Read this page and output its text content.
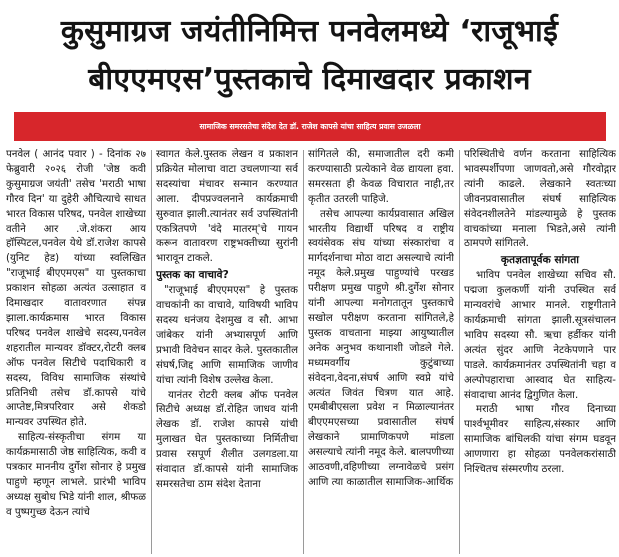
कुसुमाग्रज जयंतीनिमित्त पनवेलमध्ये ‘राजूभाई
बीएएमएस’पुस्तकाचे दिमाखदार प्रकाशन
सामाजिक समरसतेचा संदेश देत डॉ. राजेश कापसे यांचा साहित्य प्रवास उजळला

पनवेल ( आनंद पवार ) - दिनांक २७ फेब्रुवारी २०२६ रोजी 'जेष्ठ कवी कुसुमाग्रज जयंती' तसेच 'मराठी भाषा गौरव दिन' या दुहेरी औचित्याचे साधत भारत विकास परिषद, पनवेल शाखेच्या वतीने आर .जे.शंकरा आय हॉस्पिटल,पनवेल येथे डॉ.राजेश कापसे (युनिट हेड) यांच्या स्वलिखित "राजूभाई बीएएमएस" या पुस्तकाचा प्रकाशन सोहळा अत्यंत उत्साहात व दिमाखदार वातावरणात संपन्न झाला.कार्यक्रमास भारत विकास परिषद पनवेल शाखेचे सदस्य,पनवेल शहरातील मान्यवर डॉक्टर,रोटरी क्लब ऑफ पनवेल सिटीचे पदाधिकारी व सदस्य, विविध सामाजिक संस्थांचे प्रतिनिधी तसेच डॉ.कापसे यांचे आप्तेष्ट,मित्रपरिवार असे शेकडो मान्यवर उपस्थित होते.

साहित्य-संस्कृतीचा संगम या कार्यक्रमासाठी जेष्ठ साहित्यिक, कवी व पत्रकार माननीय दुर्गेश सोनार हे प्रमुख पाहुणे म्हणून लाभले. प्रारंभी भाविप अध्यक्ष सुबोध भिडे यांनी शाल, श्रीफळ व पुष्पगुच्छ देऊन त्यांचे

स्वागत केले.पुस्तक लेखन व प्रकाशन प्रक्रियेत मोलाचा वाटा उचलणाऱ्या सर्व सदस्यांचा मंचावर सन्मान करण्यात आला. दीपप्रज्वलनाने कार्यक्रमाची सुरुवात झाली.त्यानंतर सर्व उपस्थितांनी एकत्रितपणे 'वंदे मातरम्'चे गायन करून वातावरण राष्ट्रभक्तीच्या सुरांनी भारावून टाकले.

पुस्तक का वाचावे?

"राजूभाई बीएएमएस" हे पुस्तक वाचकांनी का वाचावे, याविषयी भाविप सदस्य धनंजय देशमुख व सौ. आभा जांबेकर यांनी अभ्यासपूर्ण आणि प्रभावी विवेचन सादर केले. पुस्तकातील संघर्ष,जिद्द आणि सामाजिक जाणीव यांचा त्यांनी विशेष उल्लेख केला.

यानंतर रोटरी क्लब ऑफ पनवेल सिटीचे अध्यक्ष डॉ.रोहित जाधव यांनी लेखक डॉ. राजेश कापसे यांची मुलाखत घेत पुस्तकाच्या निर्मितीचा प्रवास रसपूर्ण शैलीत उलगडला.या संवादात डॉ.कापसे यांनी सामाजिक समरसतेचा ठाम संदेश देताना

सांगितले की, समाजातील दरी कमी करण्यासाठी प्रत्येकाने वेळ द्यायला हवा. समरसता ही केवळ विचारात नाही,तर कृतीत उतरली पाहिजे.

तसेच आपल्या कार्यप्रवासात अखिल भारतीय विद्यार्थी परिषद व राष्ट्रीय स्वयंसेवक संघ यांच्या संस्कारांचा व मार्गदर्शनाचा मोठा वाटा असल्याचे त्यांनी नमूद केले.प्रमुख पाहुण्यांचे परखड परीक्षण प्रमुख पाहुणे श्री.दुर्गेश सोनार यांनी आपल्या मनोगतातून पुस्तकाचे सखोल परीक्षण करताना सांगितले,हे पुस्तक वाचताना माझ्या आयुष्यातील अनेक अनुभव कथानाशी जोडले गेले. मध्यमवर्गीय कुटुंबाच्या संवेदना,वेदना,संघर्ष आणि स्वप्ने यांचे अत्यंत जिवंत चित्रण यात आहे. एमबीबीएसला प्रवेश न मिळाल्यानंतर बीएएमएसच्या प्रवासातील संघर्ष लेखकाने प्रामाणिकपणे मांडला असल्याचे त्यांनी नमूद केले. बालपणीच्या आठवणी,वहिणीच्या लग्नावेळचे प्रसंग आणि त्या काळातील सामाजिक-आर्थिक

परिस्थितीचे वर्णन करताना साहित्यिक भावस्पर्शीपणा जाणवतो,असे गौरवोद्गार त्यांनी काढले. लेखकाने स्वतःच्या जीवनप्रवासातील संघर्ष साहित्यिक संवेदनशीलतेने मांडल्यामुळे हे पुस्तक वाचकांच्या मनाला भिडते,असे त्यांनी ठामपणे सांगितले.

कृतज्ञतापूर्वक सांगता

भाविप पनवेल शाखेच्या सचिव सौ. पद्मजा कुलकर्णी यांनी उपस्थित सर्व मान्यवरांचे आभार मानले. राष्ट्रगीताने कार्यक्रमाची सांगता झाली.सूत्रसंचालन भाविप सदस्या सौ. ऋचा हर्डीकर यांनी अत्यंत सुंदर आणि नेटकेपणाने पार पाडले. कार्यक्रमानंतर उपस्थितांनी चहा व अल्पोपहाराचा आस्वाद घेत साहित्य-संवादाचा आनंद द्विगुणित केला.

मराठी भाषा गौरव दिनाच्या पार्श्वभूमीवर साहित्य,संस्कार आणि सामाजिक बांधिलकी यांचा संगम घडवून आणणारा हा सोहळा पनवेलकरांसाठी निश्चितच संस्मरणीय ठरला.
